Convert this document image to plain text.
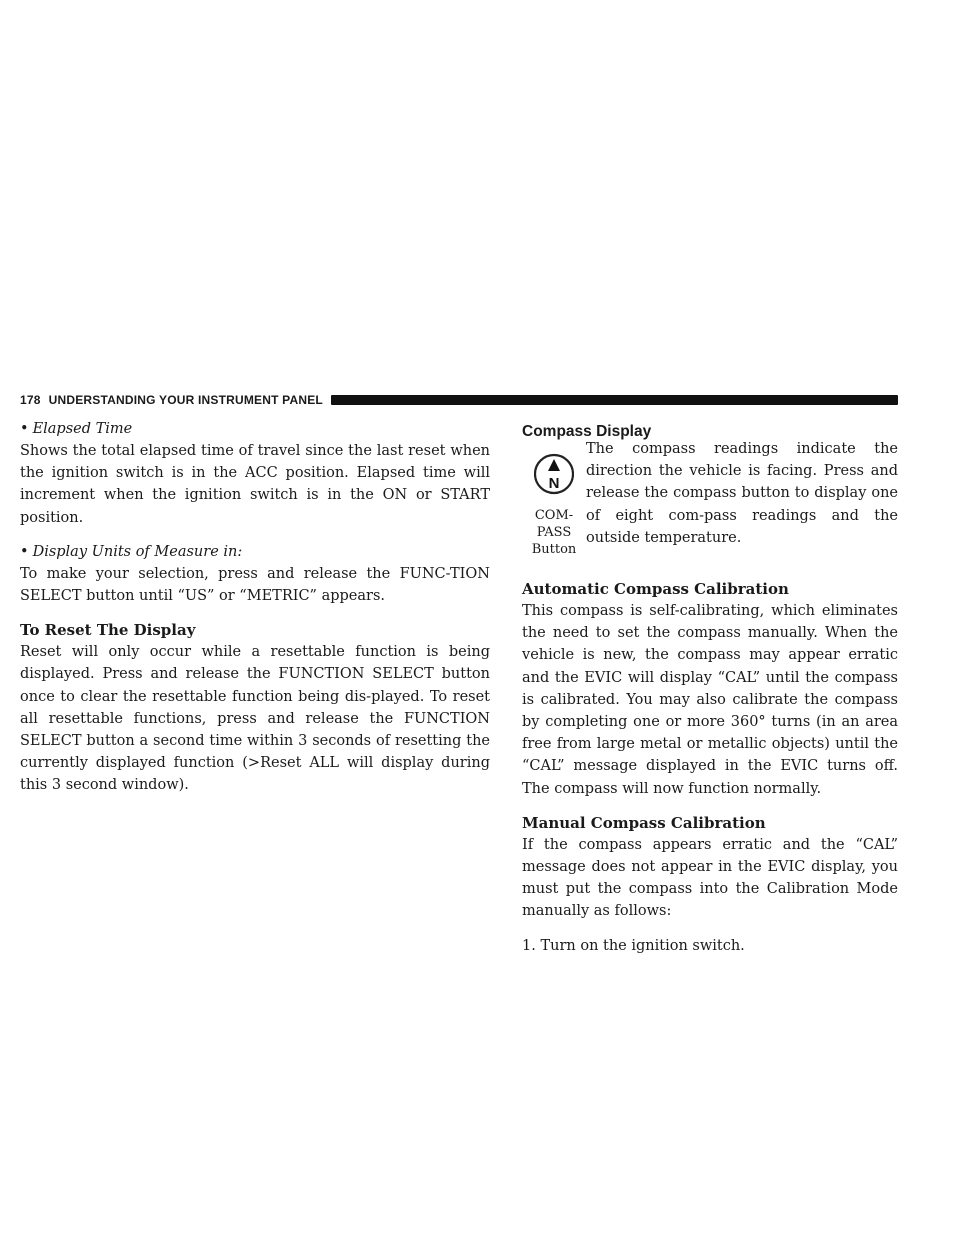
178 UNDERSTANDING YOUR INSTRUMENT PANEL

• Elapsed Time

Shows the total elapsed time of travel since the last reset when the ignition switch is in the ACC position. Elapsed time will increment when the ignition switch is in the ON or START position.

• Display Units of Measure in:

To make your selection, press and release the FUNC-TION SELECT button until “US” or “METRIC” appears.

To Reset The Display

Reset will only occur while a resettable function is being displayed. Press and release the FUNCTION SELECT button once to clear the resettable function being dis-played. To reset all resettable functions, press and release the FUNCTION SELECT button a second time within 3 seconds of resetting the currently displayed function (>Reset ALL will display during this 3 second window).

Compass Display

N
COM-
PASS
Button

The compass readings indicate the direction the vehicle is facing. Press and release the compass button to display one of eight com-pass readings and the outside temperature.

Automatic Compass Calibration

This compass is self-calibrating, which eliminates the need to set the compass manually. When the vehicle is new, the compass may appear erratic and the EVIC will display “CAL” until the compass is calibrated. You may also calibrate the compass by completing one or more 360° turns (in an area free from large metal or metallic objects) until the “CAL” message displayed in the EVIC turns off. The compass will now function normally.

Manual Compass Calibration

If the compass appears erratic and the “CAL” message does not appear in the EVIC display, you must put the compass into the Calibration Mode manually as follows:

1. Turn on the ignition switch.
